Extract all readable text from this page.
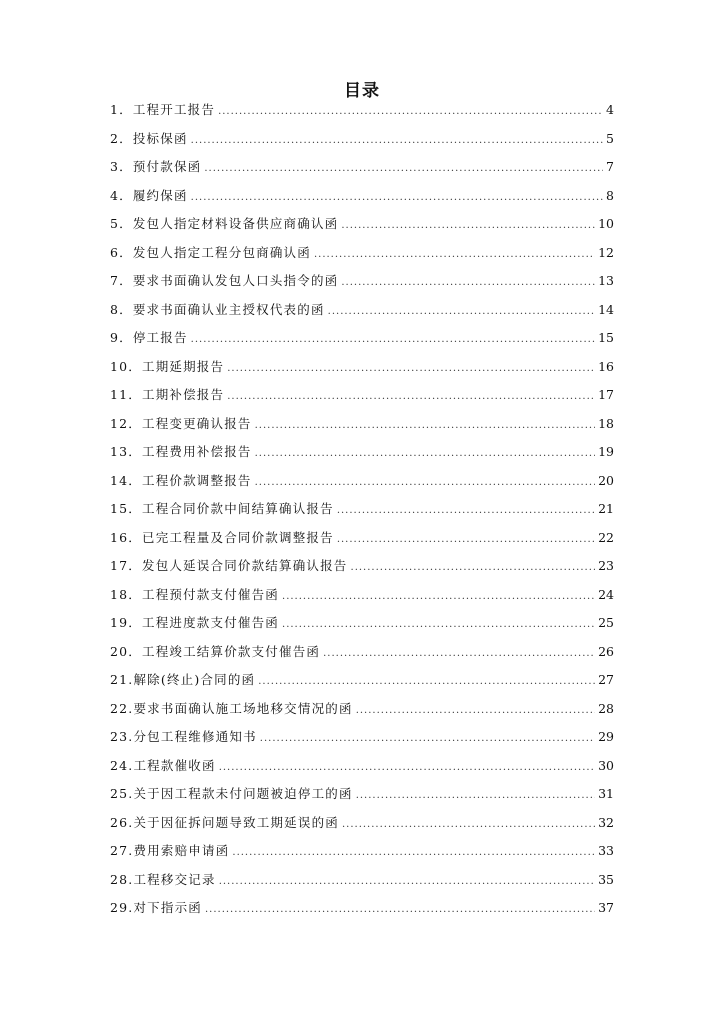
目录
1．工程开工报告 .....	4
2．投标保函 .....	5
3．预付款保函 .....	7
4．履约保函 .....	8
5．发包人指定材料设备供应商确认函 .....	10
6．发包人指定工程分包商确认函 .....	12
7．要求书面确认发包人口头指令的函 .....	13
8．要求书面确认业主授权代表的函 .....	14
9．停工报告 .....	15
10．工期延期报告 .....	16
11．工期补偿报告 .....	17
12．工程变更确认报告 .....	18
13．工程费用补偿报告 .....	19
14．工程价款调整报告 .....	20
15．工程合同价款中间结算确认报告 .....	21
16．已完工程量及合同价款调整报告 .....	22
17．发包人延误合同价款结算确认报告 .....	23
18．工程预付款支付催告函 .....	24
19．工程进度款支付催告函 .....	25
20．工程竣工结算价款支付催告函 .....	26
21.解除(终止)合同的函 .....	27
22.要求书面确认施工场地移交情况的函 .....	28
23.分包工程维修通知书 .....	29
24.工程款催收函 .....	30
25.关于因工程款未付问题被迫停工的函 .....	31
26.关于因征拆问题导致工期延误的函 .....	32
27.费用索赔申请函 .....	33
28.工程移交记录 .....	35
29.对下指示函 .....	37
